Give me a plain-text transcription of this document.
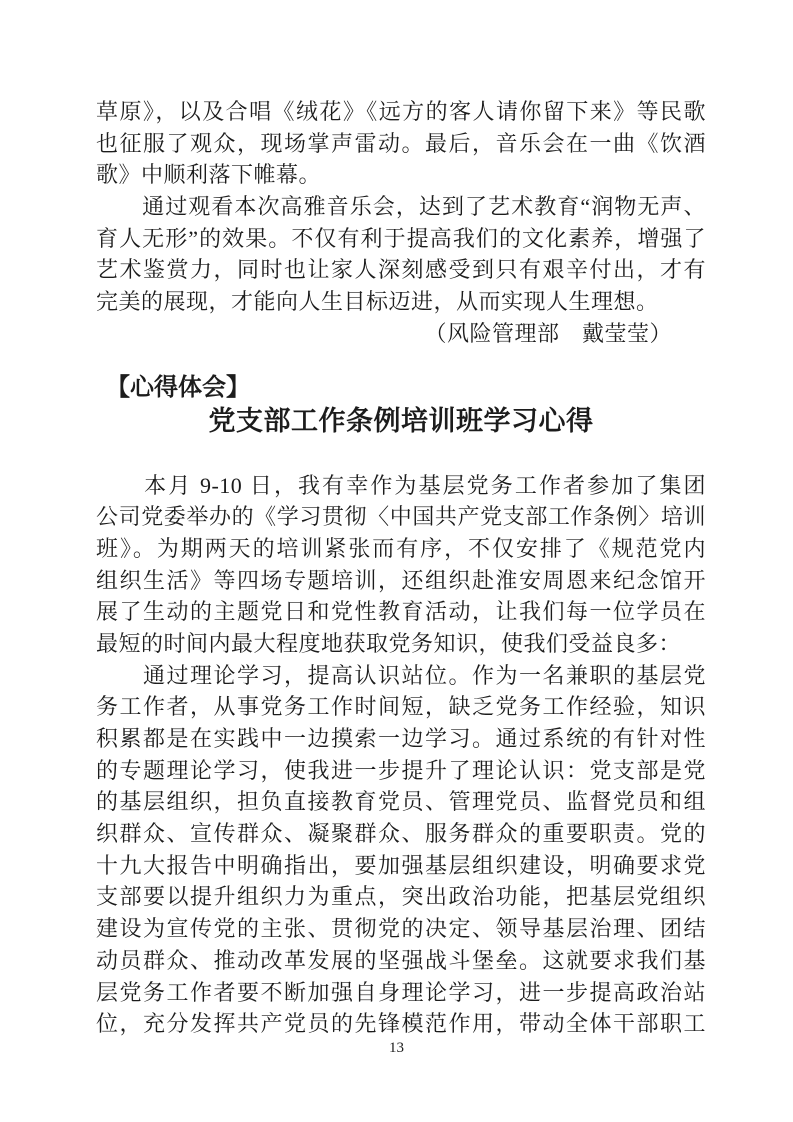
草原》，以及合唱《绒花》《远方的客人请你留下来》等民歌
也征服了观众，现场掌声雷动。最后，音乐会在一曲《饮酒
歌》中顺利落下帷幕。
　　通过观看本次高雅音乐会，达到了艺术教育“润物无声、
育人无形”的效果。不仅有利于提高我们的文化素养，增强了
艺术鉴赏力，同时也让家人深刻感受到只有艰辛付出，才有
完美的展现，才能向人生目标迈进，从而实现人生理想。
（风险管理部　戴莹莹）
【心得体会】
党支部工作条例培训班学习心得
　　本月 9-10 日，我有幸作为基层党务工作者参加了集团
公司党委举办的《学习贯彻〈中国共产党支部工作条例〉培训
班》。为期两天的培训紧张而有序，不仅安排了《规范党内
组织生活》等四场专题培训，还组织赴淮安周恩来纪念馆开
展了生动的主题党日和党性教育活动，让我们每一位学员在
最短的时间内最大程度地获取党务知识，使我们受益良多：
　　通过理论学习，提高认识站位。作为一名兼职的基层党
务工作者，从事党务工作时间短，缺乏党务工作经验，知识
积累都是在实践中一边摸索一边学习。通过系统的有针对性
的专题理论学习，使我进一步提升了理论认识：党支部是党
的基层组织，担负直接教育党员、管理党员、监督党员和组
织群众、宣传群众、凝聚群众、服务群众的重要职责。党的
十九大报告中明确指出，要加强基层组织建设，明确要求党
支部要以提升组织力为重点，突出政治功能，把基层党组织
建设为宣传党的主张、贯彻党的决定、领导基层治理、团结
动员群众、推动改革发展的坚强战斗堡垒。这就要求我们基
层党务工作者要不断加强自身理论学习，进一步提高政治站
位，充分发挥共产党员的先锋模范作用，带动全体干部职工
13
